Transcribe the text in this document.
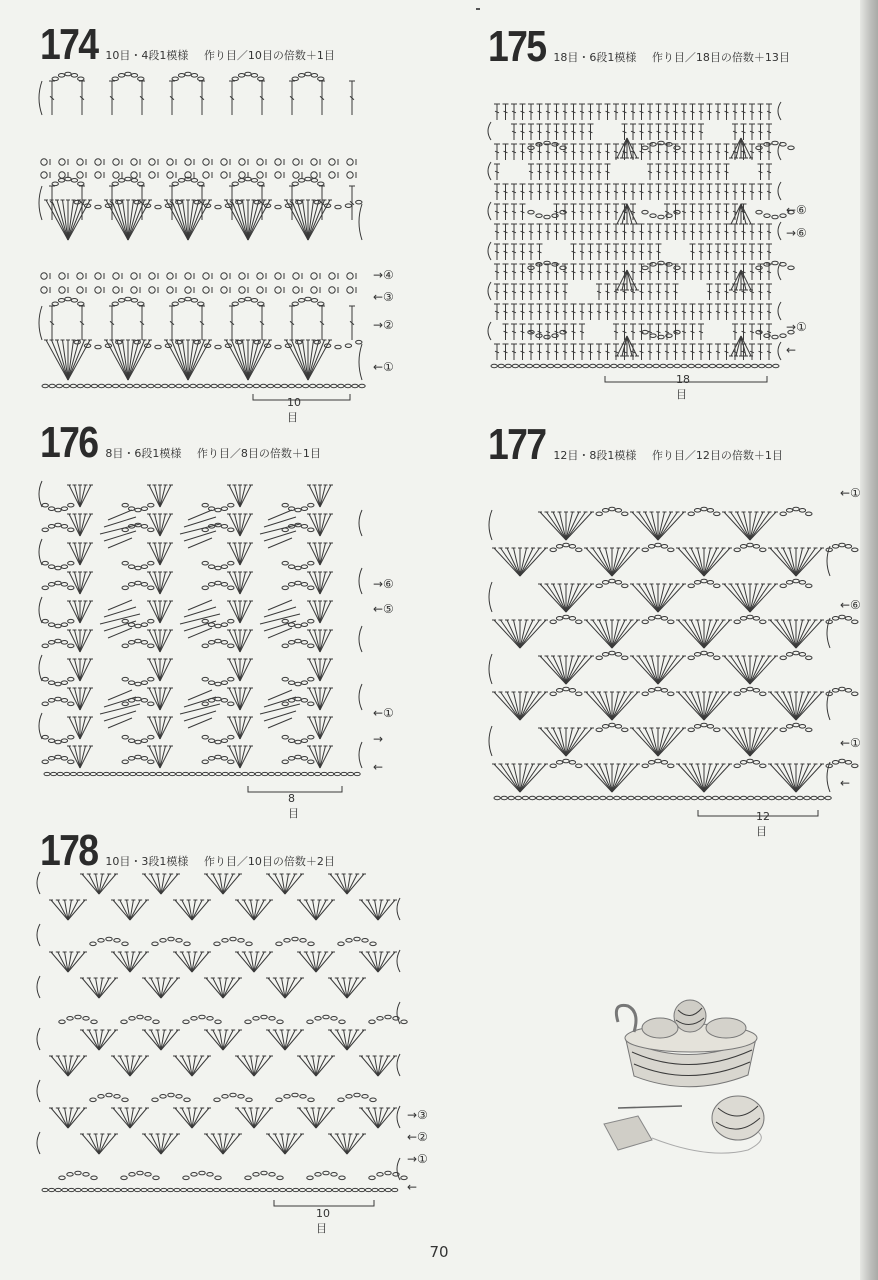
174 10目・4段1模様 作り目／10目の倍数＋1目
→④
←③
→②
←①
10目
175 18目・6段1模様 作り目／18目の倍数＋13目
←⑥
→⑥
→①
←
18目
176 8目・6段1模様 作り目／8目の倍数＋1目
→⑥
←⑤
←①
→
←
8目
177 12目・8段1模様 作り目／12目の倍数＋1目
←①
←⑥
←①
←
12目
178 10目・3段1模様 作り目／10目の倍数＋2目
→③
←②
→①
←
10目
70
